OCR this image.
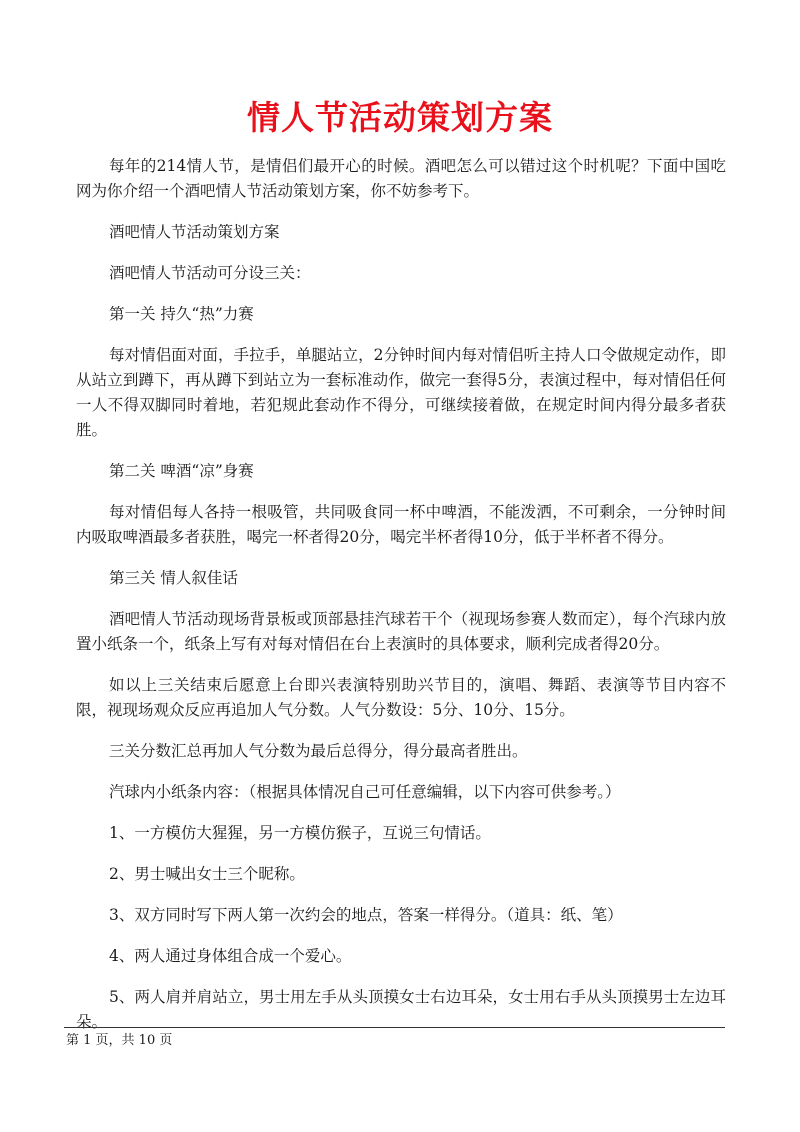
情人节活动策划方案

每年的214情人节，是情侣们最开心的时候。酒吧怎么可以错过这个时机呢？下面中国吃网为你介绍一个酒吧情人节活动策划方案，你不妨参考下。

酒吧情人节活动策划方案

酒吧情人节活动可分设三关：

第一关 持久“热”力赛

每对情侣面对面，手拉手，单腿站立，2分钟时间内每对情侣听主持人口令做规定动作，即从站立到蹲下，再从蹲下到站立为一套标准动作，做完一套得5分，表演过程中，每对情侣任何一人不得双脚同时着地，若犯规此套动作不得分，可继续接着做，在规定时间内得分最多者获胜。

第二关 啤酒“凉”身赛

每对情侣每人各持一根吸管，共同吸食同一杯中啤酒，不能泼洒，不可剩余，一分钟时间内吸取啤酒最多者获胜，喝完一杯者得20分，喝完半杯者得10分，低于半杯者不得分。

第三关 情人叙佳话

酒吧情人节活动现场背景板或顶部悬挂汽球若干个（视现场参赛人数而定），每个汽球内放置小纸条一个，纸条上写有对每对情侣在台上表演时的具体要求，顺利完成者得20分。

如以上三关结束后愿意上台即兴表演特别助兴节目的，演唱、舞蹈、表演等节目内容不限，视现场观众反应再追加人气分数。人气分数设：5分、10分、15分。

三关分数汇总再加人气分数为最后总得分，得分最高者胜出。

汽球内小纸条内容：（根据具体情况自己可任意编辑，以下内容可供参考。）

1、一方模仿大猩猩，另一方模仿猴子，互说三句情话。

2、男士喊出女士三个昵称。

3、双方同时写下两人第一次约会的地点，答案一样得分。（道具：纸、笔）

4、两人通过身体组合成一个爱心。

5、两人肩并肩站立，男士用左手从头顶摸女士右边耳朵，女士用右手从头顶摸男士左边耳朵。

第 1 页，共 10 页
